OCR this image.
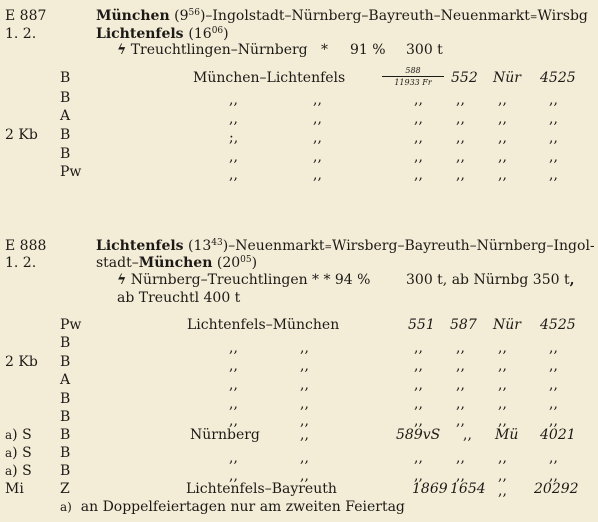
E 887
1. 2.
München $(9^{56})-Ingolstadt-Nürnberg-Bayreuth-Neuenmarkt=Wirsbg$
Lichtenfels $(16^{06})$
ϟ Treuchtlingen–Nürnberg * 91 % 300 t
B	München–Lichtenfels	$\frac{588}{11933 Fr} 552$ Nür 4525
B	,,	,,	,, ,, ,,	,,
A	,,	,,	,, ,, ,,	,,
2 Kb B	;,	,,	,, ,, ,,	,,
B	,,	,,	,, ,, ,,	,,
Pw	,,	,,	,, ,, ,,	,,
E 888
1. 2.
Lichtenfels $(13^{43})-Neuenmarkt=Wirsberg-Bayreuth-Nürnberg-Ingol-$
stadt–München $(20^{05})$
ϟ Nürnberg–Treuchtlingen * * 94 %	300 t, ab Nürnbg 350 t,
ab Treuchtl 400 t
Pw	Lichtenfels–München	551 587 Nür 4525
B	,,	,,	,, ,, ,,	,,
2 Kb B	,,	,,	,, ,, ,,	,,
A	,,	,,	,, ,, ,,	,,
B	,,	,,	,, ,, ,,	,,
B	,,	,,	,, ,, ,,	,,
a) S B	Nürnberg	,,	589vS ,, Mü 4021
a) S B	,,	,,	,, ,, ,,	,,
a) S B	,,	,,	,, ,, ,,	,,
Mi	Z	Lichtenfels–Bayreuth	1869 1654 ,, 20292
a) an Doppelfeiertagen nur am zweiten Feiertag
